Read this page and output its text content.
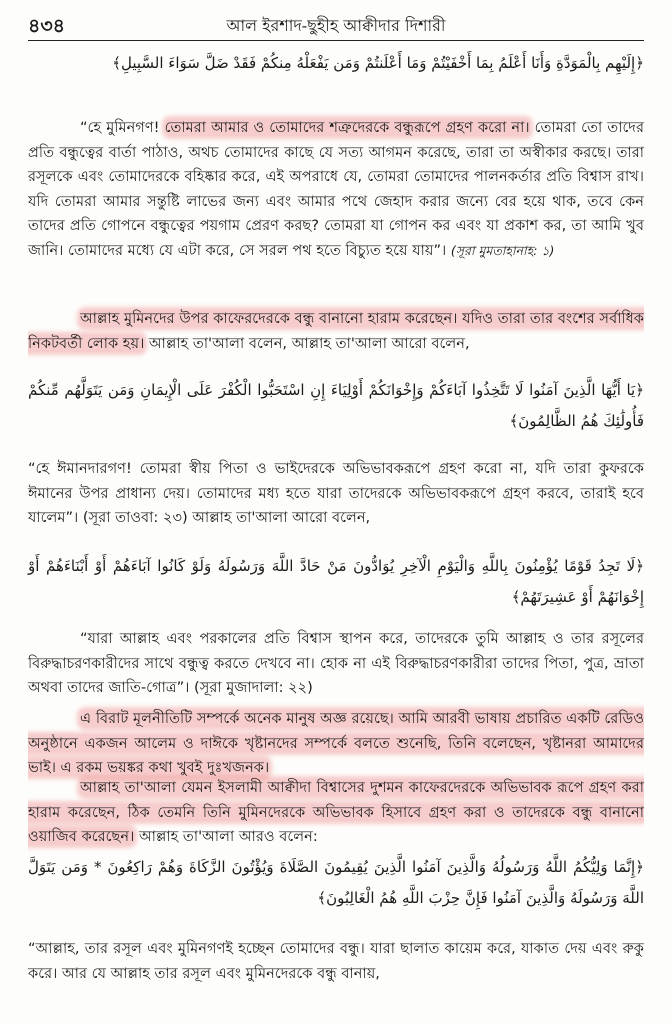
আল ইরশাদ-ছুহীহ আক্বীদার দিশারী
৪৩৪

﴿إِلَيْهِم بِالْمَوَدَّةِ وَأَنَا أَعْلَمُ بِمَا أَخْفَيْتُمْ وَمَا أَعْلَنتُمْ وَمَن يَفْعَلْهُ مِنكُمْ فَقَدْ ضَلَّ سَوَاءَ السَّبِيلِ﴾

“হে মুমিনগণ! তোমরা আমার ও তোমাদের শত্রুদেরকে বন্ধুরূপে গ্রহণ করো না। তোমরা তো তাদের প্রতি বন্ধুত্বের বার্তা পাঠাও, অথচ তোমাদের কাছে যে সত্য আগমন করেছে, তারা তা অস্বীকার করছে। তারা রসূলকে এবং তোমাদেরকে বহিষ্কার করে, এই অপরাধে যে, তোমরা তোমাদের পালনকর্তার প্রতি বিশ্বাস রাখ। যদি তোমরা আমার সন্তুষ্টি লাভের জন্য এবং আমার পথে জেহাদ করার জন্যে বের হয়ে থাক, তবে কেন তাদের প্রতি গোপনে বন্ধুত্বের পয়গাম প্রেরণ করছ? তোমরা যা গোপন কর এবং যা প্রকাশ কর, তা আমি খুব জানি। তোমাদের মধ্যে যে এটা করে, সে সরল পথ হতে বিচ্যুত হয়ে যায়”। (সূরা মুমতাহানাহ: ১)

আল্লাহ মুমিনদের উপর কাফেরদেরকে বন্ধু বানানো হারাম করেছেন। যদিও তারা তার বংশের সর্বাধিক নিকটবর্তী লোক হয়। আল্লাহ তা'আলা বলেন, আল্লাহ তা'আলা আরো বলেন,

﴿يَا أَيُّهَا الَّذِينَ آمَنُوا لَا تَتَّخِذُوا آبَاءَكُمْ وَإِخْوَانَكُمْ أَوْلِيَاءَ إِنِ اسْتَحَبُّوا الْكُفْرَ عَلَى الْإِيمَانِ وَمَن يَتَوَلَّهُم مِّنكُمْ فَأُولَٰئِكَ هُمُ الظَّالِمُونَ﴾

“হে ঈমানদারগণ! তোমরা স্বীয় পিতা ও ভাইদেরকে অভিভাবকরূপে গ্রহণ করো না, যদি তারা কুফরকে ঈমানের উপর প্রাধান্য দেয়। তোমাদের মধ্য হতে যারা তাদেরকে অভিভাবকরূপে গ্রহণ করবে, তারাই হবে যালেম”। (সূরা তাওবা: ২৩) আল্লাহ তা'আলা আরো বলেন,

﴿لَا تَجِدُ قَوْمًا يُؤْمِنُونَ بِاللَّهِ وَالْيَوْمِ الْآخِرِ يُوَادُّونَ مَنْ حَادَّ اللَّهَ وَرَسُولَهُ وَلَوْ كَانُوا آبَاءَهُمْ أَوْ أَبْنَاءَهُمْ أَوْ إِخْوَانَهُمْ أَوْ عَشِيرَتَهُمْ﴾

“যারা আল্লাহ এবং পরকালের প্রতি বিশ্বাস স্থাপন করে, তাদেরকে তুমি আল্লাহ ও তার রসূলের বিরুদ্ধাচরণকারীদের সাথে বন্ধুত্ব করতে দেখবে না। হোক না এই বিরুদ্ধাচরণকারীরা তাদের পিতা, পুত্র, ভ্রাতা অথবা তাদের জাতি-গোত্র”। (সূরা মুজাদালা: ২২)

এ বিরাট মূলনীতিটি সম্পর্কে অনেক মানুষ অজ্ঞ রয়েছে। আমি আরবী ভাষায় প্রচারিত একটি রেডিও অনুষ্ঠানে একজন আলেম ও দাঈকে খৃষ্টানদের সম্পর্কে বলতে শুনেছি, তিনি বলেছেন, খৃষ্টানরা আমাদের ভাই। এ রকম ভয়ঙ্কর কথা খুবই দুঃখজনক।

আল্লাহ তা'আলা যেমন ইসলামী আক্বীদা বিশ্বাসের দুশমন কাফেরদেরকে অভিভাবক রূপে গ্রহণ করা হারাম করেছেন, ঠিক তেমনি তিনি মুমিনদেরকে অভিভাবক হিসাবে গ্রহণ করা ও তাদেরকে বন্ধু বানানো ওয়াজিব করেছেন। আল্লাহ তা'আলা আরও বলেন:

﴿إِنَّمَا وَلِيُّكُمُ اللَّهُ وَرَسُولُهُ وَالَّذِينَ آمَنُوا الَّذِينَ يُقِيمُونَ الصَّلَاةَ وَيُؤْتُونَ الزَّكَاةَ وَهُمْ رَاكِعُونَ * وَمَن يَتَوَلَّ اللَّهَ وَرَسُولَهُ وَالَّذِينَ آمَنُوا فَإِنَّ حِزْبَ اللَّهِ هُمُ الْغَالِبُونَ﴾

“আল্লাহ, তার রসূল এবং মুমিনগণই হচ্ছেন তোমাদের বন্ধু। যারা ছালাত কায়েম করে, যাকাত দেয় এবং রুকু করে। আর যে আল্লাহ তার রসূল এবং মুমিনদেরকে বন্ধু বানায়,
